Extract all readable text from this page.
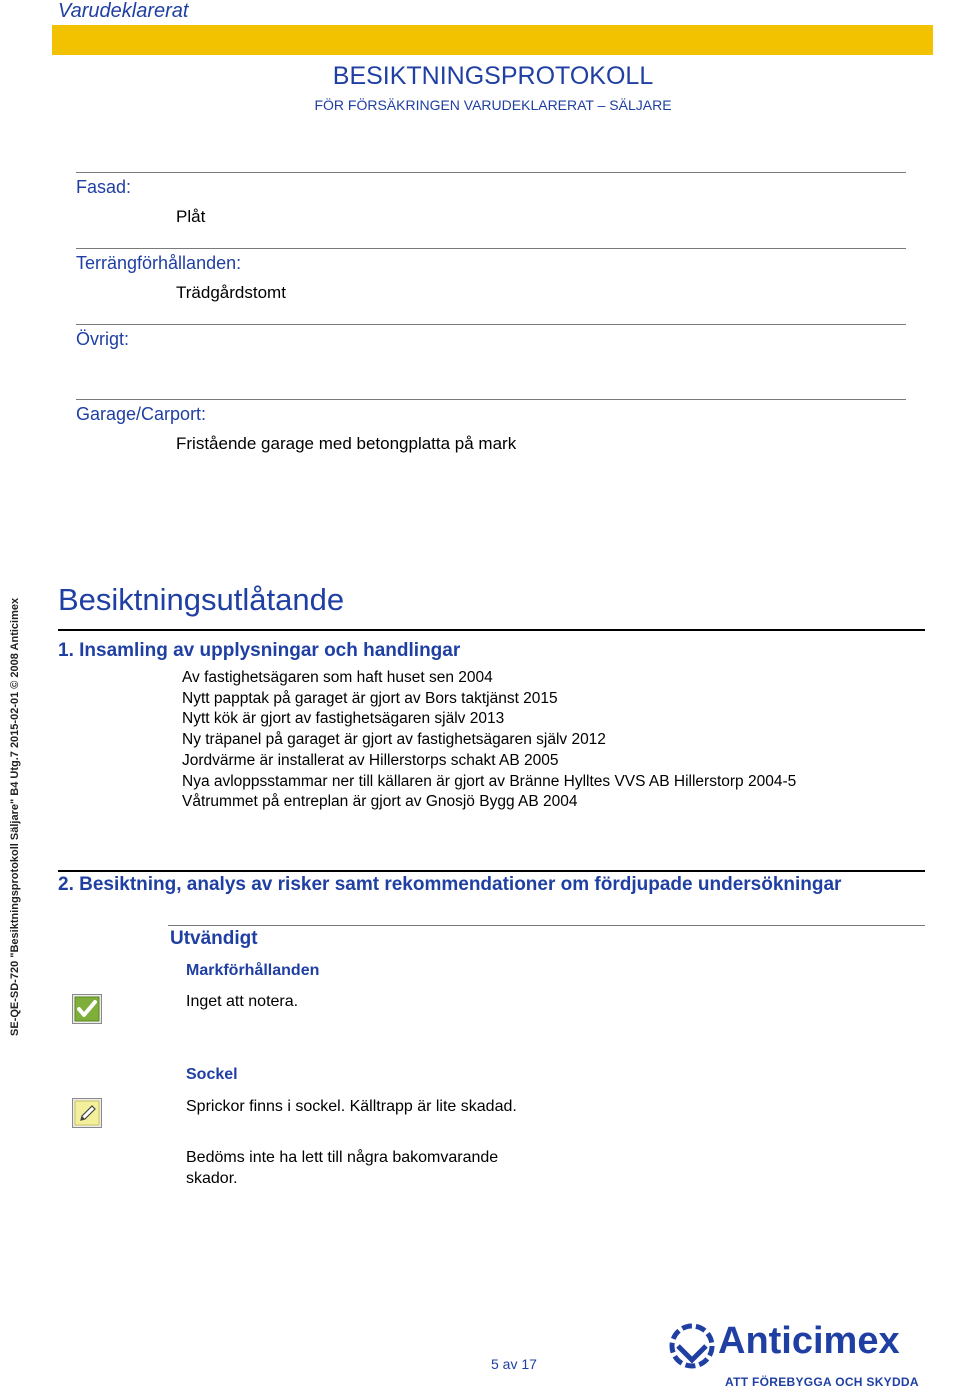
Varudeklarerat
BESIKTNINGSPROTOKOLL
FÖR FÖRSÄKRINGEN VARUDEKLARERAT – SÄLJARE
Fasad:
Plåt
Terrängförhållanden:
Trädgårdstomt
Övrigt:
Garage/Carport:
Fristående garage med betongplatta på mark
Besiktningsutlåtande
1. Insamling av upplysningar och handlingar
Av fastighetsägaren som haft huset sen 2004
Nytt papptak på garaget är gjort av Bors taktjänst 2015
Nytt kök är gjort av fastighetsägaren själv 2013
Ny träpanel på garaget är gjort av fastighetsägaren själv 2012
Jordvärme är installerat av Hillerstorps schakt AB 2005
Nya avloppsstammar ner till källaren är gjort av Bränne Hylltes VVS AB Hillerstorp 2004-5
Våtrummet på entreplan är gjort av Gnosjö Bygg AB 2004
2. Besiktning, analys av risker samt rekommendationer om fördjupade undersökningar
Utvändigt
Markförhållanden
Inget att notera.
Sockel
Sprickor finns i sockel. Källtrapp är lite skadad.
Bedöms inte ha lett till några bakomvarande skador.
SE-QE-SD-720 "Besiktningsprotokoll Säljare" B4 Utg.7 2015-02-01 © 2008 Anticimex
5 av 17
Anticimex
ATT FÖREBYGGA OCH SKYDDA
